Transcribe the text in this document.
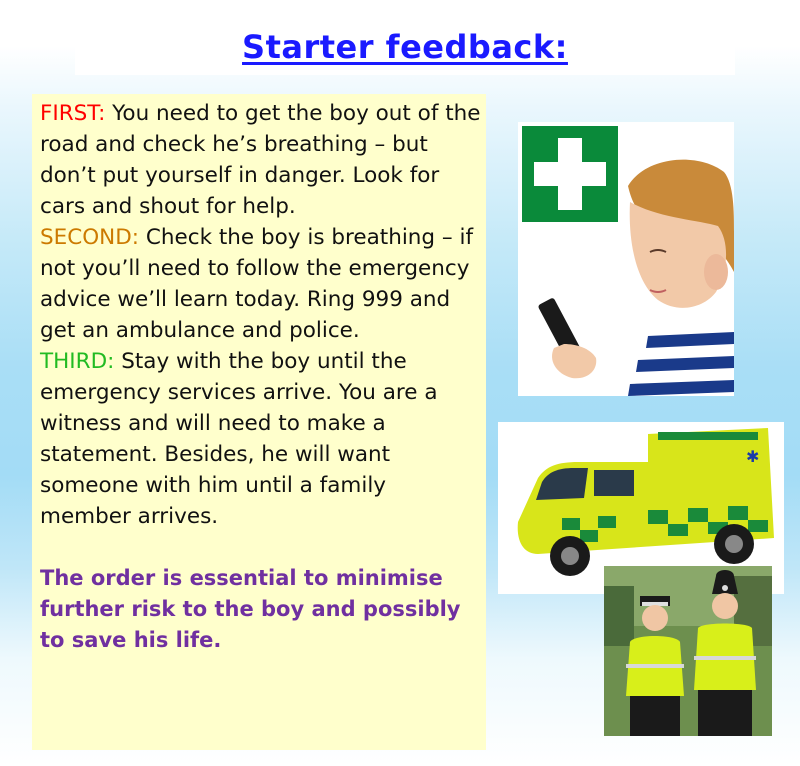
Starter feedback:

FIRST: You need to get the boy out of the road and check he’s breathing – but don’t put yourself in danger. Look for cars and shout for help.

SECOND: Check the boy is breathing – if not you’ll need to follow the emergency advice we’ll learn today. Ring 999 and get an ambulance and police.

THIRD: Stay with the boy until the emergency services arrive. You are a witness and will need to make a statement. Besides, he will want someone with him until a family member arrives.

The order is essential to minimise further risk to the boy and possibly to save his life.

✱
